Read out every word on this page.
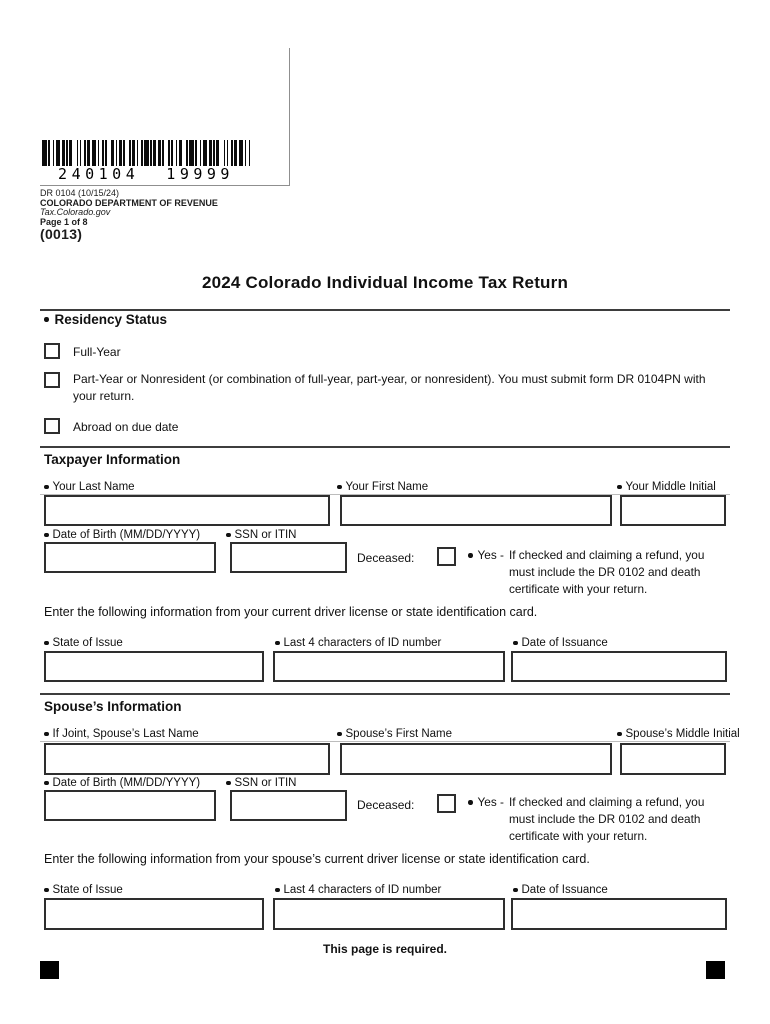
240104  19999
DR 0104 (10/15/24)
COLORADO DEPARTMENT OF REVENUE
Tax.Colorado.gov
Page 1 of 8
(0013)
2024 Colorado Individual Income Tax Return
Residency Status
Full-Year
Part-Year or Nonresident (or combination of full-year, part-year, or nonresident). You must submit form DR 0104PN with your return.
Abroad on due date
Taxpayer Information
Your Last Name	Your First Name	Your Middle Initial
Date of Birth (MM/DD/YYYY)	SSN or ITIN
Deceased:	Yes - If checked and claiming a refund, you must include the DR 0102 and death certificate with your return.
Enter the following information from your current driver license or state identification card.
State of Issue	Last 4 characters of ID number	Date of Issuance
Spouse’s Information
If Joint, Spouse’s Last Name	Spouse’s First Name	Spouse’s Middle Initial
Date of Birth (MM/DD/YYYY)	SSN or ITIN
Deceased:	Yes - If checked and claiming a refund, you must include the DR 0102 and death certificate with your return.
Enter the following information from your spouse’s current driver license or state identification card.
State of Issue	Last 4 characters of ID number	Date of Issuance
This page is required.
